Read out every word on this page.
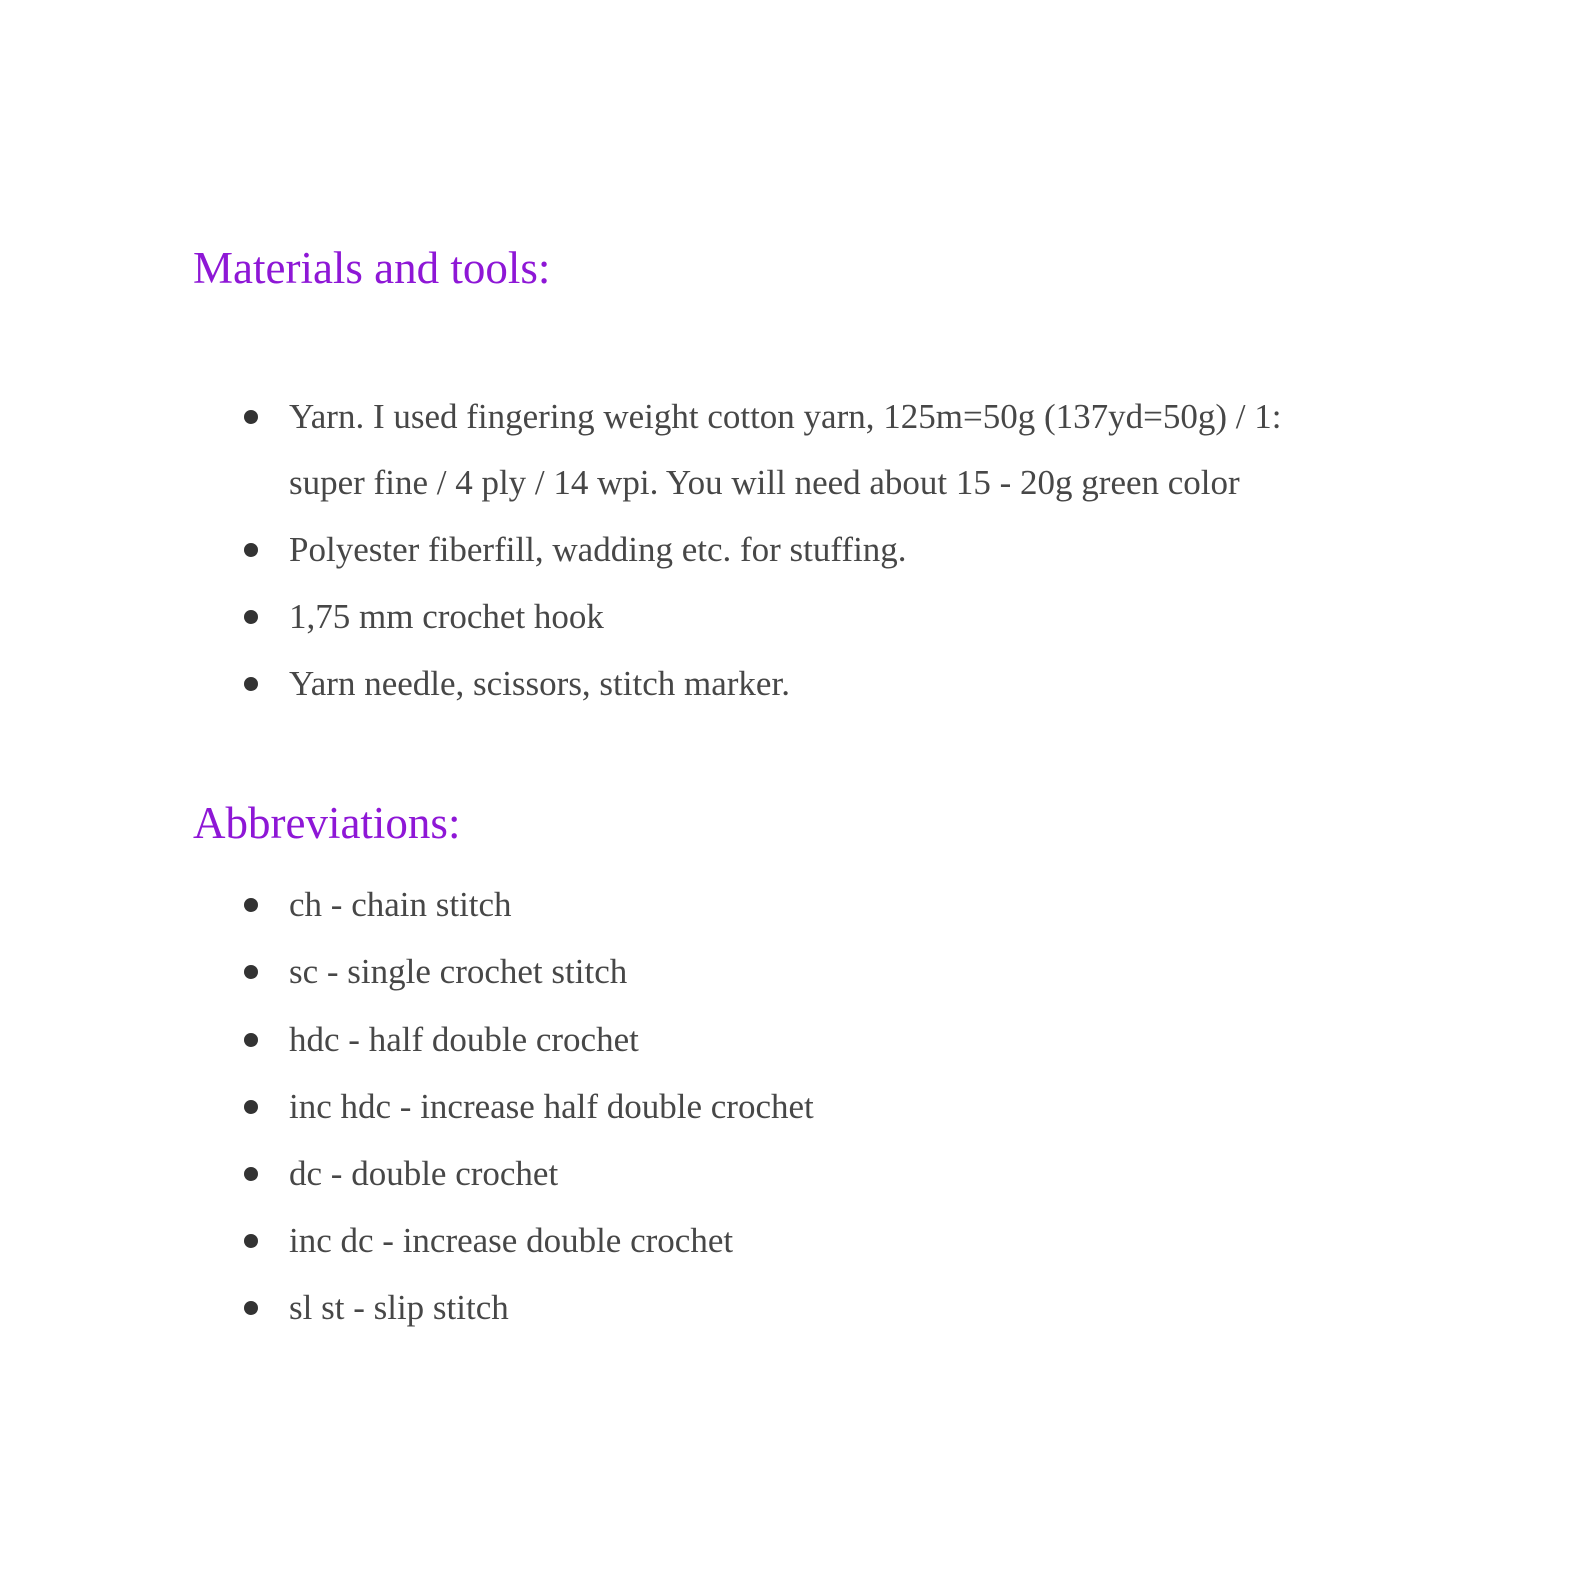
Materials and tools:
Yarn. I used fingering weight cotton yarn, 125m=50g (137yd=50g) / 1:
super fine / 4 ply / 14 wpi. You will need about 15 - 20g green color
Polyester fiberfill, wadding etc. for stuffing.
1,75 mm crochet hook
Yarn needle, scissors, stitch marker.
Abbreviations:
ch - chain stitch
sc - single crochet stitch
hdc - half double crochet
inc hdc - increase half double crochet
dc - double crochet
inc dc - increase double crochet
sl st - slip stitch
